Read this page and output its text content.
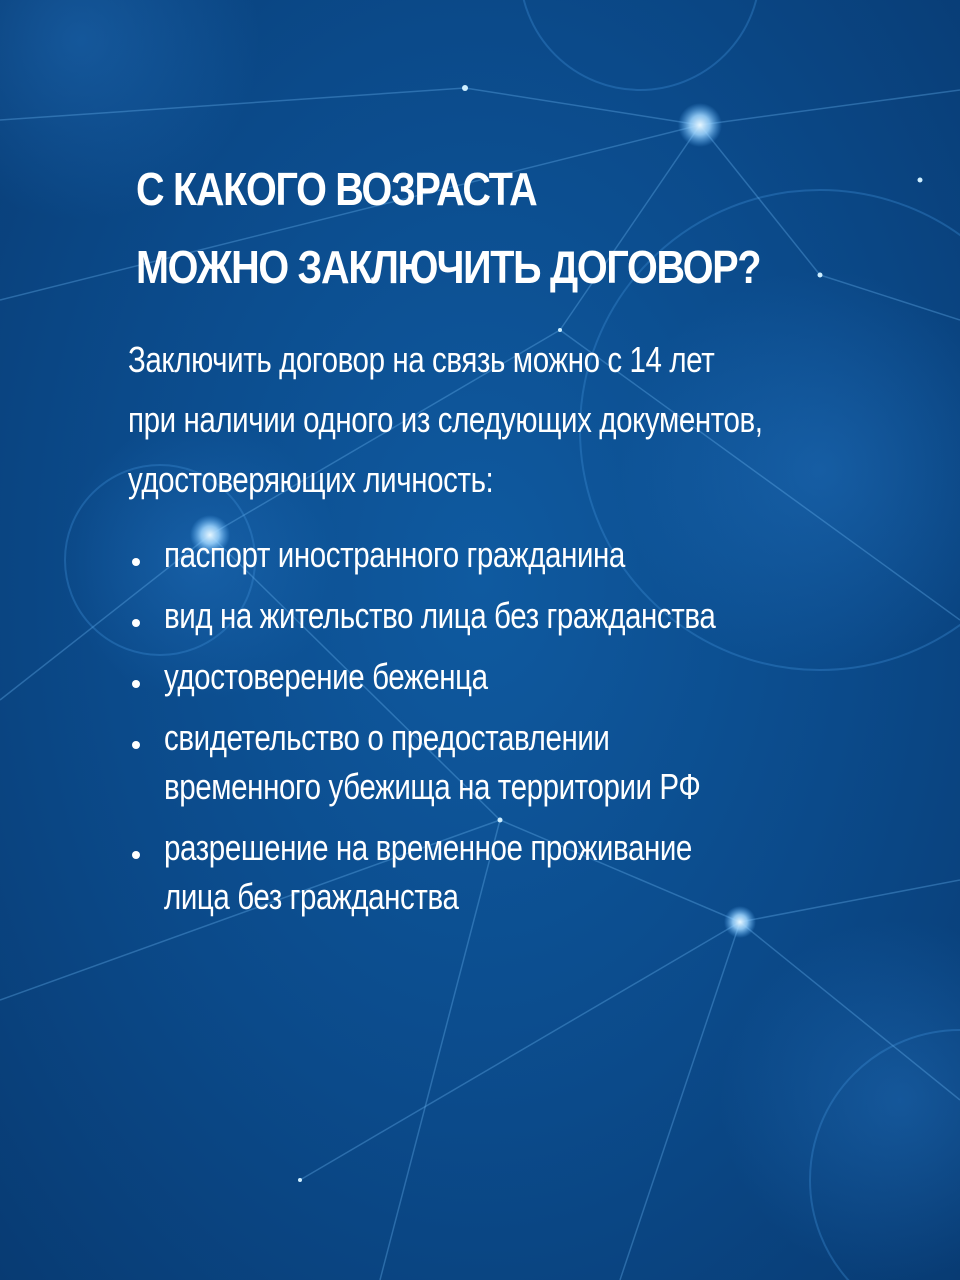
С​ ​К​А​К​О​Г​О​ ​В​О​З​Р​А​С​Т​А
М​О​Ж​Н​О​ ​З​А​К​Л​Ю​Ч​И​Т​Ь​ ​Д​О​Г​О​В​О​Р​?

З​а​к​л​ю​ч​и​т​ь​ ​д​о​г​о​в​о​р​ ​н​а​ ​с​в​я​з​ь​ ​м​о​ж​н​о​ ​с​ ​1​4​ ​л​е​т
п​р​и​ ​н​а​л​и​ч​и​и​ ​о​д​н​о​г​о​ ​и​з​ ​с​л​е​д​у​ю​щ​и​х​ ​д​о​к​у​м​е​н​т​о​в​,
у​д​о​с​т​о​в​е​р​я​ю​щ​и​х​ ​л​и​ч​н​о​с​т​ь​:

п​а​с​п​о​р​т​ ​и​н​о​с​т​р​а​н​н​о​г​о​ ​г​р​а​ж​д​а​н​и​н​а
в​и​д​ ​н​а​ ​ж​и​т​е​л​ь​с​т​в​о​ ​л​и​ц​а​ ​б​е​з​ ​г​р​а​ж​д​а​н​с​т​в​а
у​д​о​с​т​о​в​е​р​е​н​и​е​ ​б​е​ж​е​н​ц​а
с​в​и​д​е​т​е​л​ь​с​т​в​о​ ​о​ ​п​р​е​д​о​с​т​а​в​л​е​н​и​и
в​р​е​м​е​н​н​о​г​о​ ​у​б​е​ж​и​щ​а​ ​н​а​ ​т​е​р​р​и​т​о​р​и​и​ ​Р​Ф
р​а​з​р​е​ш​е​н​и​е​ ​н​а​ ​в​р​е​м​е​н​н​о​е​ ​п​р​о​ж​и​в​а​н​и​е
л​и​ц​а​ ​б​е​з​ ​г​р​а​ж​д​а​н​с​т​в​а
